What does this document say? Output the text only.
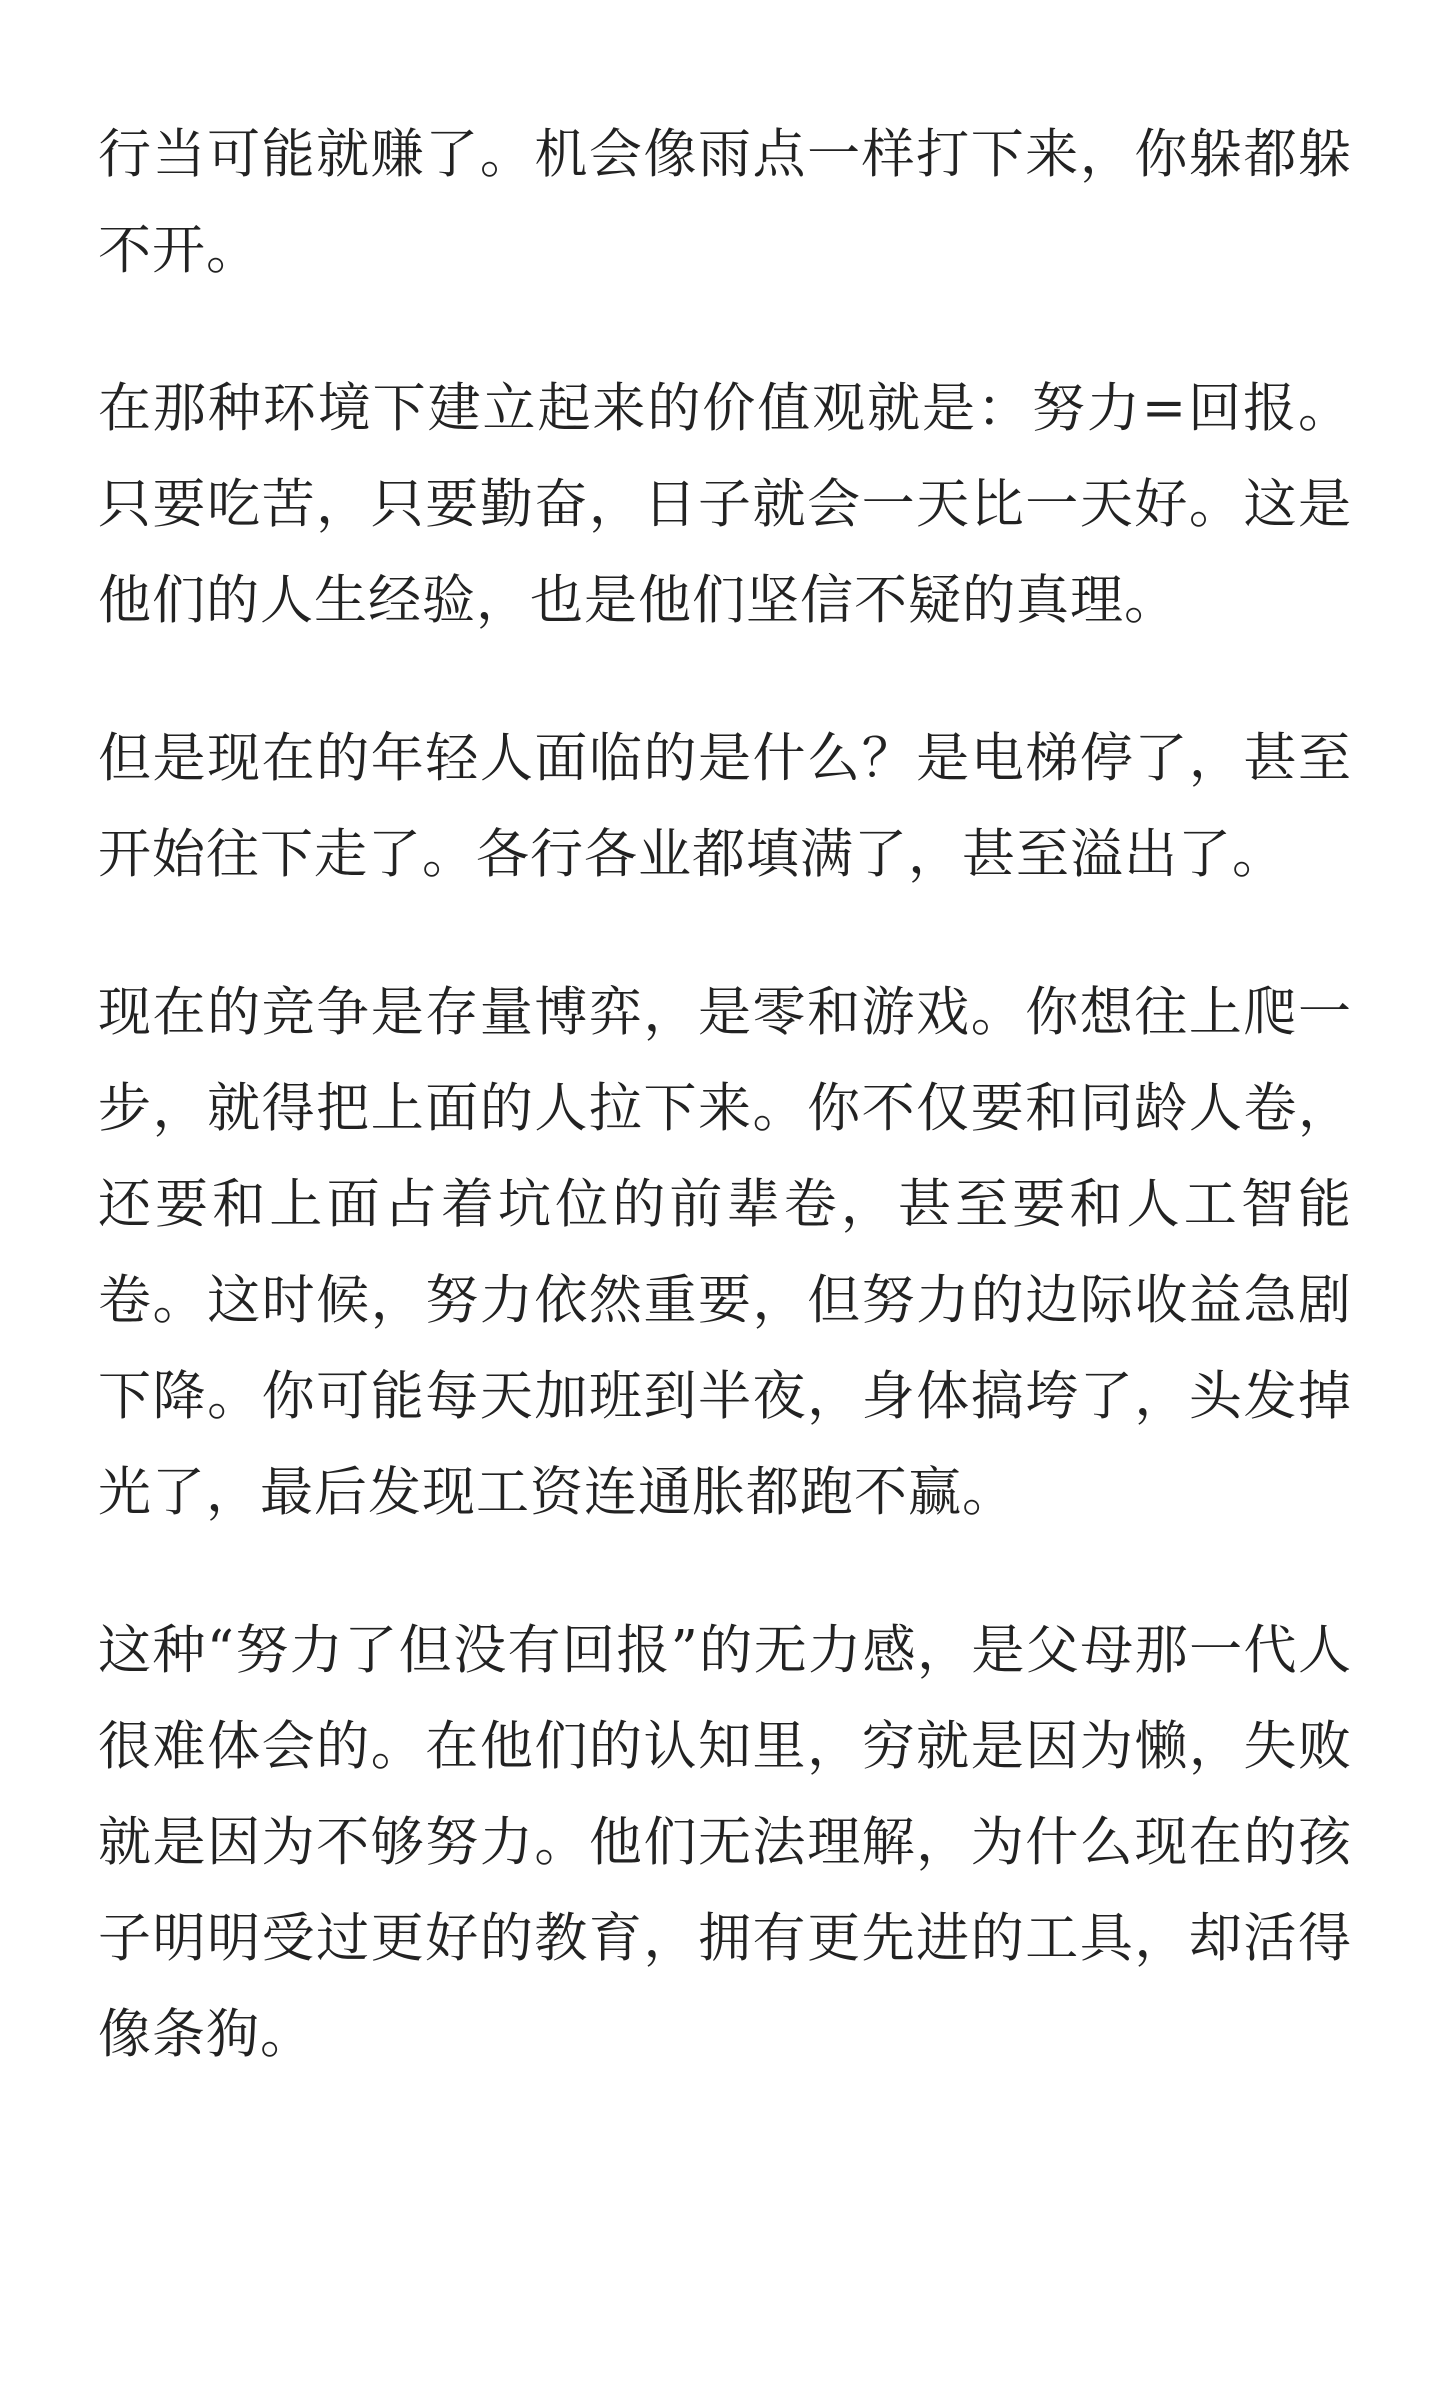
行当可能就赚了。机会像雨点一样打下来，你躲都躲不开。

在那种环境下建立起来的价值观就是：努力=回报。只要吃苦，只要勤奋，日子就会一天比一天好。这是他们的人生经验，也是他们坚信不疑的真理。

但是现在的年轻人面临的是什么？是电梯停了，甚至开始往下走了。各行各业都填满了，甚至溢出了。

现在的竞争是存量博弈，是零和游戏。你想往上爬一步，就得把上面的人拉下来。你不仅要和同龄人卷，还要和上面占着坑位的前辈卷，甚至要和人工智能卷。这时候，努力依然重要，但努力的边际收益急剧下降。你可能每天加班到半夜，身体搞垮了，头发掉光了，最后发现工资连通胀都跑不赢。

这种“努力了但没有回报”的无力感，是父母那一代人很难体会的。在他们的认知里，穷就是因为懒，失败就是因为不够努力。他们无法理解，为什么现在的孩子明明受过更好的教育，拥有更先进的工具，却活得像条狗。
